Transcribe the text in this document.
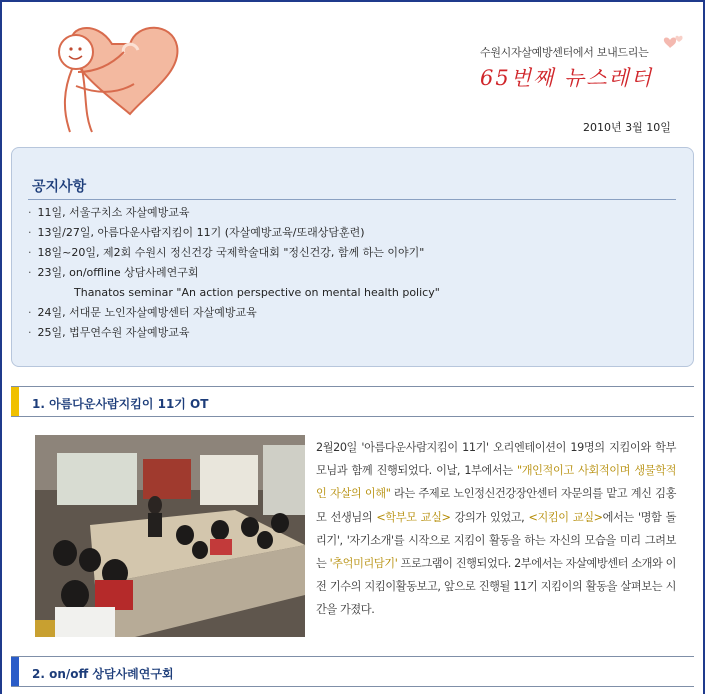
수원시자살예방센터에서 보내드리는
65번째 뉴스레터
2010년 3월 10일
공지사항
· 11일, 서울구치소 자살예방교육
· 13일/27일, 아름다운사람지킴이 11기 (자살예방교육/또래상담훈련)
· 18일~20일, 제2회 수원시 정신건강 국제학술대회 "정신건강, 함께 하는 이야기"
· 23일, on/offline 상담사례연구회
Thanatos seminar "An action perspective on mental health policy"
· 24일, 서대문 노인자살예방센터 자살예방교육
· 25일, 법무연수원 자살예방교육
1. 아름다운사람지킴이 11기 OT
2월20일 '아름다운사람지킴이 11기' 오리엔테이션이 19명의 지킴이와 학부모님과 함께 진행되었다. 이날, 1부에서는 "개인적이고 사회적이며 생물학적인 자살의 이해" 라는 주제로 노인정신건강장안센터 자문의를 맡고 계신 김홍모 선생님의 <학부모 교실> 강의가 있었고, <지킴이 교실>에서는 '명함 돌리기', '자기소개'를 시작으로 지킴이 활동을 하는 자신의 모습을 미리 그려보는 '추억미리담기' 프로그램이 진행되었다. 2부에서는 자살예방센터 소개와 이전 기수의 지킴이활동보고, 앞으로 진행될 11기 지킴이의 활동을 살펴보는 시간을 가졌다.
2. on/off 상담사례연구회
